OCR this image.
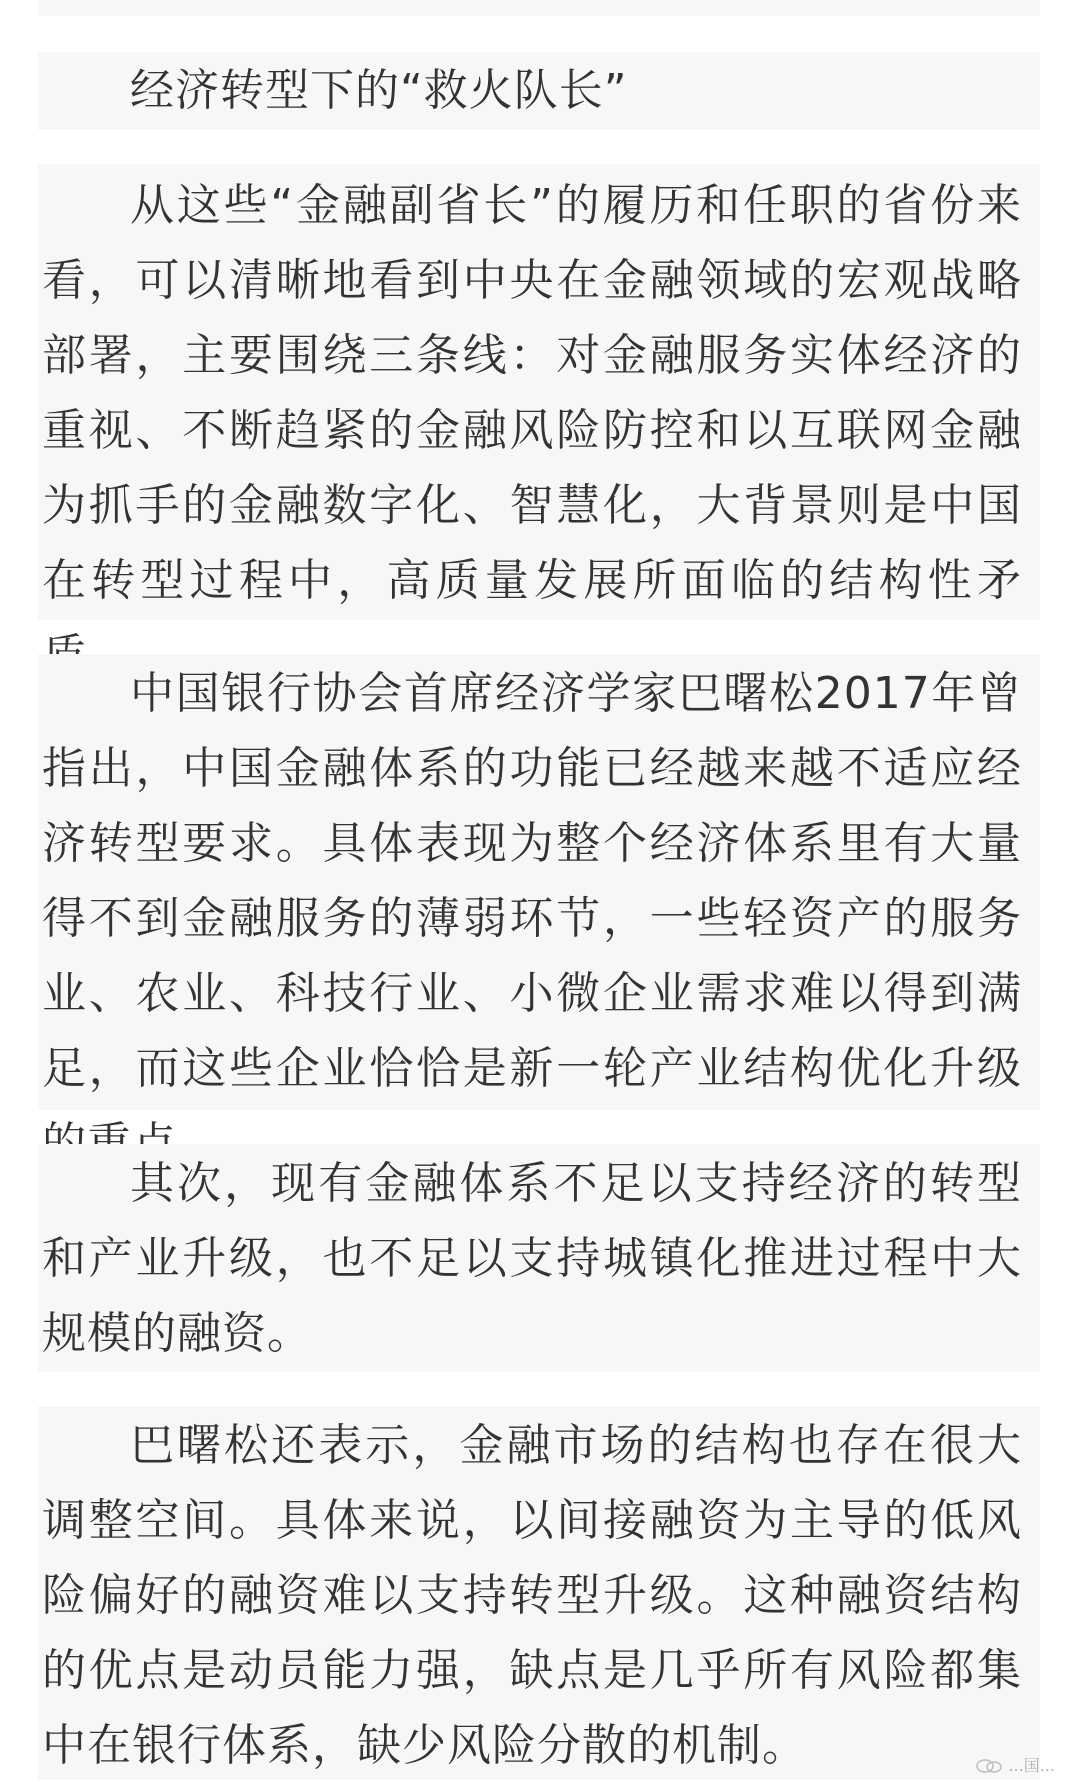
经济转型下的“救火队长”

从这些“金融副省长”的履历和任职的省份来看，可以清晰地看到中央在金融领域的宏观战略部署，主要围绕三条线：对金融服务实体经济的重视、不断趋紧的金融风险防控和以互联网金融为抓手的金融数字化、智慧化，大背景则是中国在转型过程中，高质量发展所面临的结构性矛

中国银行协会首席经济学家巴曙松2017年曾指出，中国金融体系的功能已经越来越不适应经济转型要求。具体表现为整个经济体系里有大量得不到金融服务的薄弱环节，一些轻资产的服务业、农业、科技行业、小微企业需求难以得到满足，而这些企业恰恰是新一轮产业结构优化升级

其次，现有金融体系不足以支持经济的转型和产业升级，也不足以支持城镇化推进过程中大规模的融资。

巴曙松还表示，金融市场的结构也存在很大调整空间。具体来说，以间接融资为主导的低风险偏好的融资难以支持转型升级。这种融资结构的优点是动员能力强，缺点是几乎所有风险都集中在银行体系，缺少风险分散的机制。	...国...
